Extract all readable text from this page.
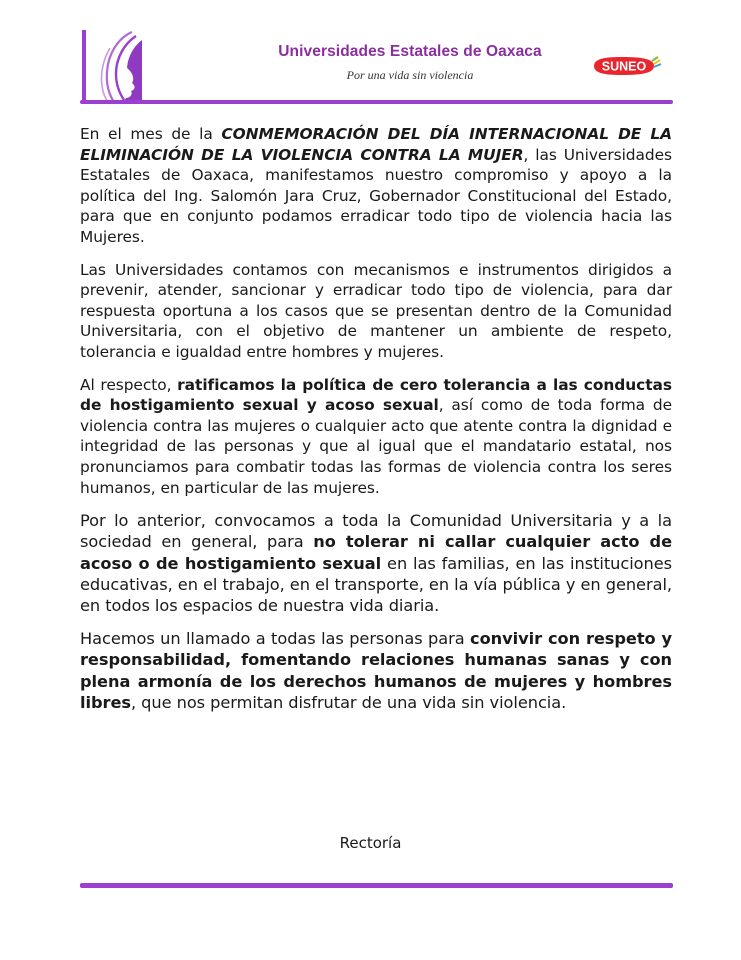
Universidades Estatales de Oaxaca
Por una vida sin violencia
SUNEO

En el mes de la CONMEMORACIÓN DEL DÍA INTERNACIONAL DE LA ELIMINACIÓN DE LA VIOLENCIA CONTRA LA MUJER, las Universidades Estatales de Oaxaca, manifestamos nuestro compromiso y apoyo a la política del Ing. Salomón Jara Cruz, Gobernador Constitucional del Estado, para que en conjunto podamos erradicar todo tipo de violencia hacia las Mujeres.

Las Universidades contamos con mecanismos e instrumentos dirigidos a prevenir, atender, sancionar y erradicar todo tipo de violencia, para dar respuesta oportuna a los casos que se presentan dentro de la Comunidad Universitaria, con el objetivo de mantener un ambiente de respeto, tolerancia e igualdad entre hombres y mujeres.

Al respecto, ratificamos la política de cero tolerancia a las conductas de hostigamiento sexual y acoso sexual, así como de toda forma de violencia contra las mujeres o cualquier acto que atente contra la dignidad e integridad de las personas y que al igual que el mandatario estatal, nos pronunciamos para combatir todas las formas de violencia contra los seres humanos, en particular de las mujeres.

Por lo anterior, convocamos a toda la Comunidad Universitaria y a la sociedad en general, para no tolerar ni callar cualquier acto de acoso o de hostigamiento sexual en las familias, en las instituciones educativas, en el trabajo, en el transporte, en la vía pública y en general, en todos los espacios de nuestra vida diaria.

Hacemos un llamado a todas las personas para convivir con respeto y responsabilidad, fomentando relaciones humanas sanas y con plena armonía de los derechos humanos de mujeres y hombres libres, que nos permitan disfrutar de una vida sin violencia.

Rectoría
